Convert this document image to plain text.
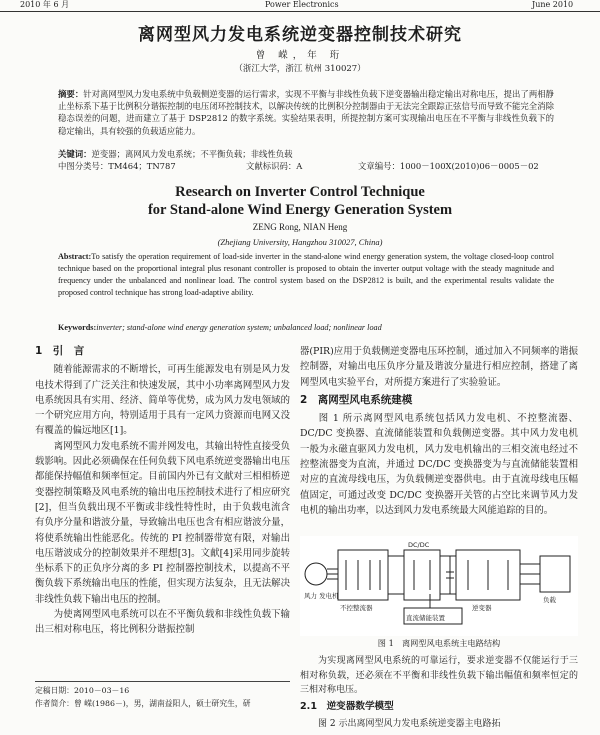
2010 年 6 月	Power Electronics	June 2010
离网型风力发电系统逆变器控制技术研究
曾 嵘，年 珩
（浙江大学，浙江 杭州 310027）
摘要：针对离网型风力发电系统中负载侧逆变器的运行需求，实现不平衡与非线性负载下逆变器输出稳定输出对称电压，提出了两相静止坐标系下基于比例积分谐振控制的电压闭环控制技术，以解决传统的比例积分控制器由于无法完全跟踪正弦信号而导致不能完全消除稳态误差的问题，进而建立了基于 DSP2812 的数字系统。实验结果表明，所提控制方案可实现输出电压在不平衡与非线性负载下的稳定输出，具有较强的负载适应能力。
关键词：逆变器；离网风力发电系统；不平衡负载；非线性负载
中图分类号：TM464；TN787	文献标识码：A	文章编号：1000－100X(2010)06－0005－02
Research on Inverter Control Technique
for Stand-alone Wind Energy Generation System
ZENG Rong, NIAN Heng
(Zhejiang University, Hangzhou 310027, China)
Abstract:To satisfy the operation requirement of load-side inverter in the stand-alone wind energy generation system, the voltage closed-loop control technique based on the proportional integral plus resonant controller is proposed to obtain the inverter output voltage with the steady magnitude and frequency under the unbalanced and nonlinear load. The control system based on the DSP2812 is built, and the experimental results validate the proposed control technique has strong load-adaptive ability.
Keywords:inverter; stand-alone wind energy generation system; unbalanced load; nonlinear load

1　引　言

随着能源需求的不断增长，可再生能源发电有别是风力发电技术得到了广泛关注和快速发展，其中小功率离网型风力发电系统因具有实用、经济、简单等优势，成为风力发电领域的一个研究应用方向，特别适用于具有一定风力资源而电网又没有覆盖的偏远地区[1]。

离网型风力发电系统不需并网发电，其输出特性直接受负载影响。因此必须确保在任何负载下风电系统逆变器输出电压都能保持幅值和频率恒定。目前国内外已有文献对三相相桥逆变器控制策略及风电系统的输出电压控制技术进行了相应研究[2]，但当负载出现不平衡或非线性特性时，由于负载电流含有负序分量和谐波分量，导致输出电压也含有相应谐波分量，将使系统输出性能恶化。传统的 PI 控制器带宽有限，对输出电压谐波成分的控制效果并不理想[3]。文献[4]采用同步旋转坐标系下的正负序分离的多 PI 控制器控制技术，以提高不平衡负载下系统输出电压的性能，但实现方法复杂，且无法解决非线性负载下输出电压的控制。

为使离网型风电系统可以在不平衡负载和非线性负载下输出三相对称电压，将比例积分谐振控制

器(PIR)应用于负载侧逆变器电压环控制，通过加入不同频率的谐振控制器，对输出电压负序分量及谐波分量进行相应控制，搭建了离网型风电实验平台，对所提方案进行了实验验证。

2　离网型风电系统建模

图 1 所示离网型风电系统包括风力发电机、不控整流器、DC/DC 变换器、直流储能装置和负载侧逆变器。其中风力发电机一般为永磁直驱风力发电机，风力发电机输出的三相交流电经过不控整流器变为直流，并通过 DC/DC 变换器变为与直流储能装置相对应的直流母线电压，为负载侧逆变器供电。由于直流母线电压幅值固定，可通过改变 DC/DC 变换器开关管的占空比来调节风力发电机的输出功率，以达到风力发电系统最大风能追踪的目的。

风力 发电机
不控整流器
DC/DC
直流储能装置
逆变器
负载
图 1　离网型风电系统主电路结构

为实现离网型风电系统的可靠运行，要求逆变器不仅能运行于三相对称负载，还必须在不平衡和非线性负载下输出幅值和频率恒定的三相对称电压。

2.1　逆变器数学模型

图 2 示出离网型风力发电系统逆变器主电路拓

定稿日期：2010－03－16
作者简介：曾 嵘(1986－)，男，湖南益阳人，硕士研究生，研
